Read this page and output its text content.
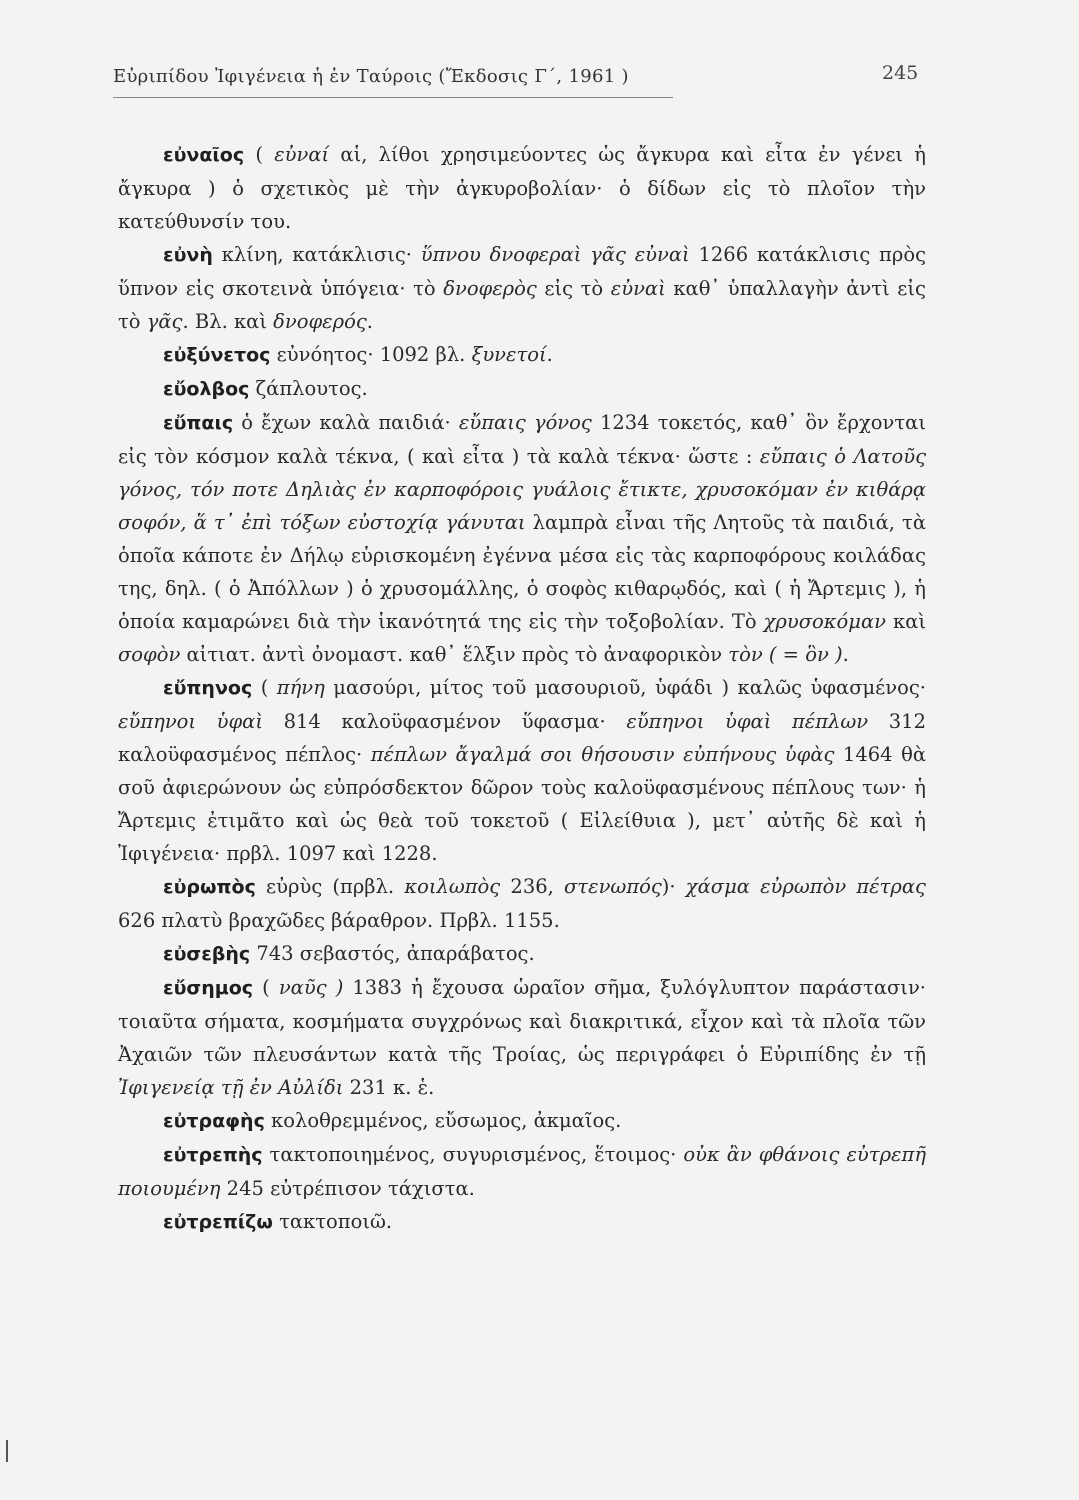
Εὐριπίδου Ἰφιγένεια ἡ ἐν Ταύροις (Ἔκδοσις Γ΄, 1961 )	245

εὐναῖος ( εὐναί αἱ, λίθοι χρησιμεύοντες ὡς ἄγκυρα καὶ εἶτα ἐν γένει ἡ ἄγκυρα ) ὁ σχετικὸς μὲ τὴν ἀγκυροβολίαν· ὁ δίδων εἰς τὸ πλοῖον τὴν κατεύθυνσίν του.

εὐνὴ κλίνη, κατάκλισις· ὕπνου δνοφεραὶ γᾶς εὐναὶ 1266 κατάκλισις πρὸς ὕπνον εἰς σκοτεινὰ ὑπόγεια· τὸ δνοφερὸς εἰς τὸ εὐναὶ καθ᾽ ὑπαλλαγὴν ἀντὶ εἰς τὸ γᾶς. Βλ. καὶ δνοφερός.

εὐξύνετος εὐνόητος· 1092 βλ. ξυνετοί.

εὔολβος ζάπλουτος.

εὔπαις ὁ ἔχων καλὰ παιδιά· εὔπαις γόνος 1234 τοκετός, καθ᾽ ὃν ἔρχονται εἰς τὸν κόσμον καλὰ τέκνα, ( καὶ εἶτα ) τὰ καλὰ τέκνα· ὥστε : εὔπαις ὁ Λατοῦς γόνος, τόν ποτε Δηλιὰς ἐν καρποφόροις γυάλοις ἔτικτε, χρυσοκόμαν ἐν κιθάρᾳ σοφόν, ἅ τ᾽ ἐπὶ τόξων εὐστοχίᾳ γάνυται λαμπρὰ εἶναι τῆς Λητοῦς τὰ παιδιά, τὰ ὁποῖα κάποτε ἐν Δήλῳ εὑρισκομένη ἐγέννα μέσα εἰς τὰς καρποφόρους κοιλάδας της, δηλ. ( ὁ Ἀπόλλων ) ὁ χρυσομάλλης, ὁ σοφὸς κιθαρῳδός, καὶ ( ἡ Ἄρτεμις ), ἡ ὁποία καμαρώνει διὰ τὴν ἱκανότητά της εἰς τὴν τοξοβολίαν. Τὸ χρυσοκόμαν καὶ σοφὸν αἰτιατ. ἀντὶ ὀνομαστ. καθ᾽ ἕλξιν πρὸς τὸ ἀναφορικὸν τὸν ( = ὃν ).

εὔπηνος ( πήνη μασούρι, μίτος τοῦ μασουριοῦ, ὑφάδι ) καλῶς ὑφασμένος· εὔπηνοι ὑφαὶ 814 καλοϋφασμένον ὕφασμα· εὔπηνοι ὑφαὶ πέπλων 312 καλοϋφασμένος πέπλος· πέπλων ἄγαλμά σοι θήσουσιν εὐπήνους ὑφὰς 1464 θὰ σοῦ ἀφιερώνουν ὡς εὐπρόσδεκτον δῶρον τοὺς καλοϋφασμένους πέπλους των· ἡ Ἄρτεμις ἐτιμᾶτο καὶ ὡς θεὰ τοῦ τοκετοῦ ( Εἰλείθυια ), μετ᾽ αὐτῆς δὲ καὶ ἡ Ἰφιγένεια· πρβλ. 1097 καὶ 1228.

εὐρωπὸς εὐρὺς (πρβλ. κοιλωπὸς 236, στενωπός)· χάσμα εὐρωπὸν πέτρας 626 πλατὺ βραχῶδες βάραθρον. Πρβλ. 1155.

εὐσεβὴς 743 σεβαστός, ἀπαράβατος.

εὔσημος ( ναῦς ) 1383 ἡ ἔχουσα ὡραῖον σῆμα, ξυλόγλυπτον παράστασιν· τοιαῦτα σήματα, κοσμήματα συγχρόνως καὶ διακριτικά, εἶχον καὶ τὰ πλοῖα τῶν Ἀχαιῶν τῶν πλευσάντων κατὰ τῆς Τροίας, ὡς περιγράφει ὁ Εὐριπίδης ἐν τῇ Ἰφιγενείᾳ τῇ ἐν Αὐλίδι 231 κ. ἑ.

εὐτραφὴς κολοθρεμμένος, εὔσωμος, ἀκμαῖος.

εὐτρεπὴς τακτοποιημένος, συγυρισμένος, ἕτοιμος· οὐκ ἂν φθάνοις εὐτρεπῆ ποιουμένη 245 εὐτρέπισον τάχιστα.

εὐτρεπίζω τακτοποιῶ.
